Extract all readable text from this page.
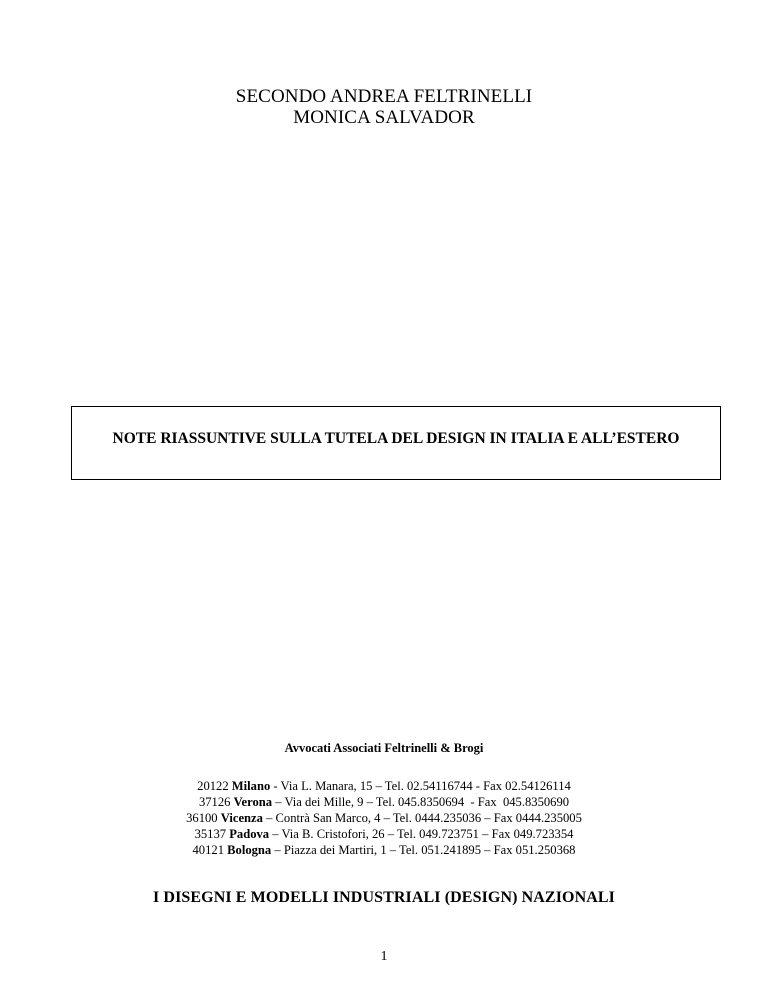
SECONDO ANDREA FELTRINELLI
MONICA SALVADOR
NOTE RIASSUNTIVE SULLA TUTELA DEL DESIGN IN ITALIA E ALL’ESTERO
Avvocati Associati Feltrinelli & Brogi
20122 Milano - Via L. Manara, 15 – Tel. 02.54116744 - Fax 02.54126114
37126 Verona – Via dei Mille, 9 – Tel. 045.8350694  - Fax  045.8350690
36100 Vicenza – Contrà San Marco, 4 – Tel. 0444.235036 – Fax 0444.235005
35137 Padova – Via B. Cristofori, 26 – Tel. 049.723751 – Fax 049.723354
40121 Bologna – Piazza dei Martiri, 1 – Tel. 051.241895 – Fax 051.250368
I DISEGNI E MODELLI INDUSTRIALI (DESIGN) NAZIONALI
1
